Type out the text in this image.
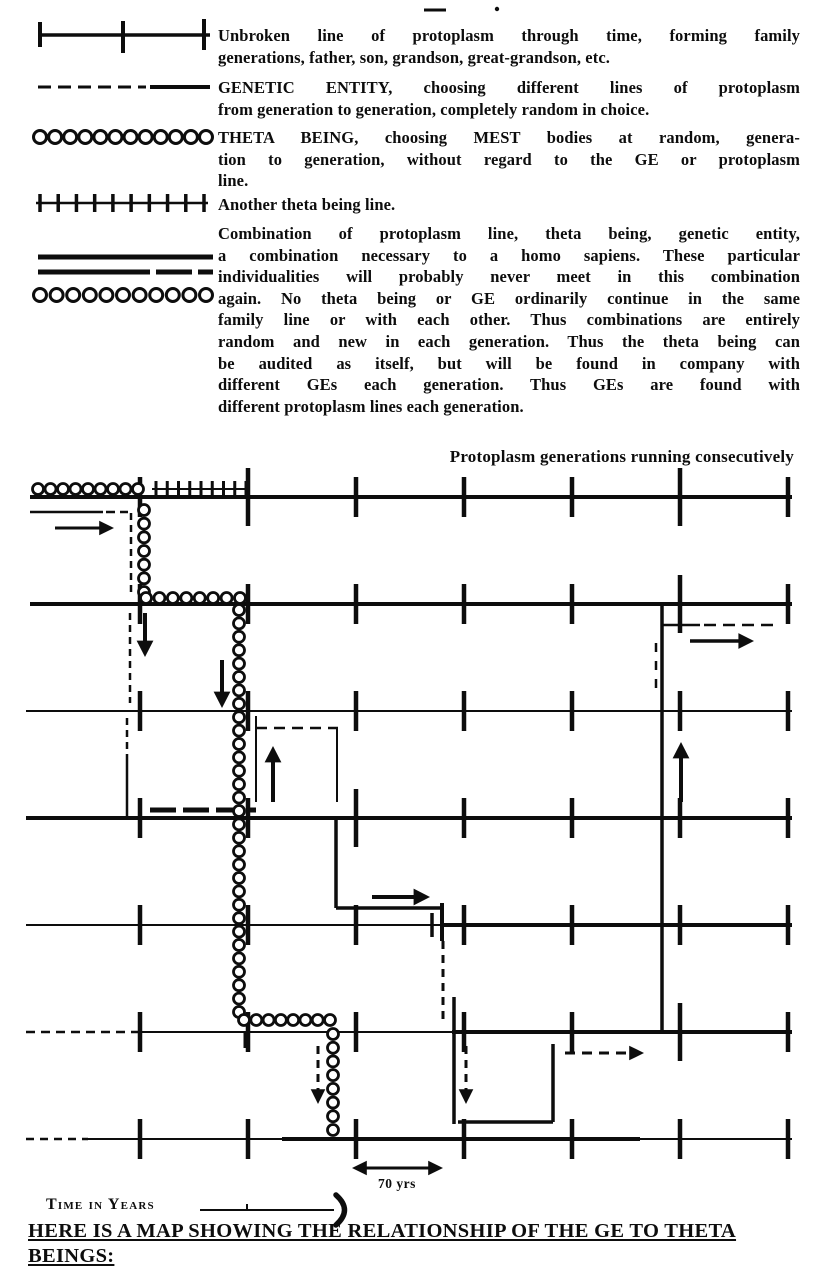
Unbroken line of protoplasm through time, forming family
generations, father, son, grandson, great-grandson, etc.
GENETIC ENTITY, choosing different lines of protoplasm
from generation to generation, completely random in choice.
THETA BEING, choosing MEST bodies at random, genera-
tion to generation, without regard to the GE or protoplasm
line.
Another theta being line.
Combination of protoplasm line, theta being, genetic entity,
a combination necessary to a homo sapiens. These particular
individualities will probably never meet in this combination
again. No theta being or GE ordinarily continue in the same
family line or with each other. Thus combinations are entirely
random and new in each generation. Thus the theta being can
be audited as itself, but will be found in company with
different GEs each generation. Thus GEs are found with
different protoplasm lines each generation.
Protoplasm generations running consecutively
70 yrs
Time in Years
HERE IS A MAP SHOWING THE RELATIONSHIP OF THE GE TO THETA
BEINGS:
